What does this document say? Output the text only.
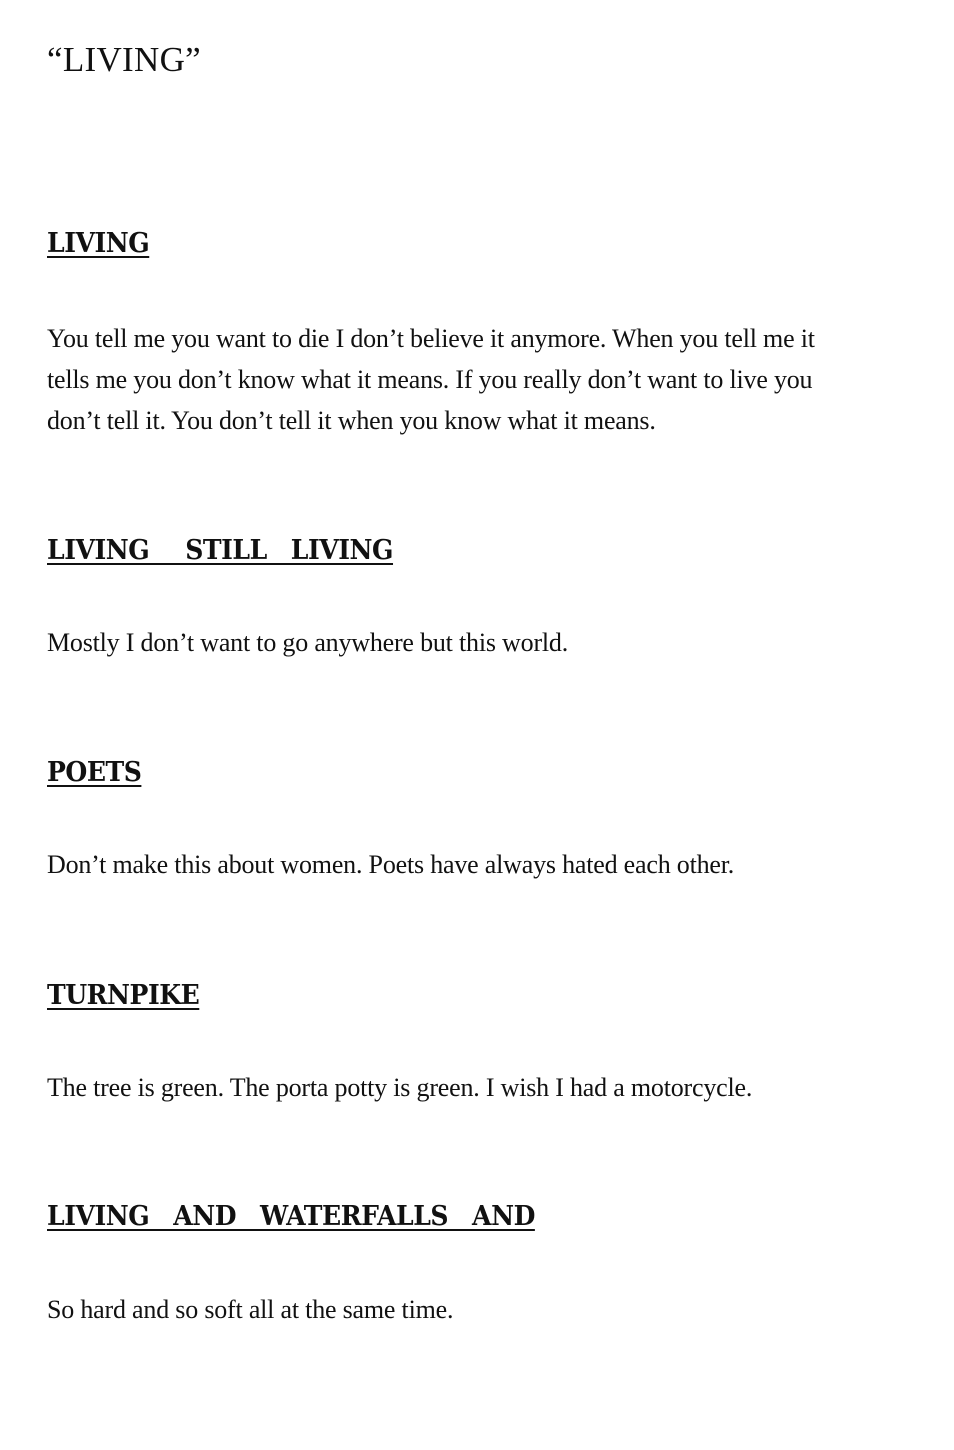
“LIVING”
LIVING

You tell me you want to die I don’t believe it anymore. When you tell me it tells me you don’t know what it means. If you really don’t want to live you don’t tell it. You don’t tell it when you know what it means.

LIVING   STILL  LIVING

Mostly I don’t want to go anywhere but this world.

POETS

Don’t make this about women. Poets have always hated each other.

TURNPIKE

The tree is green. The porta potty is green. I wish I had a motorcycle.

LIVING  AND  WATERFALLS  AND

So hard and so soft all at the same time.
